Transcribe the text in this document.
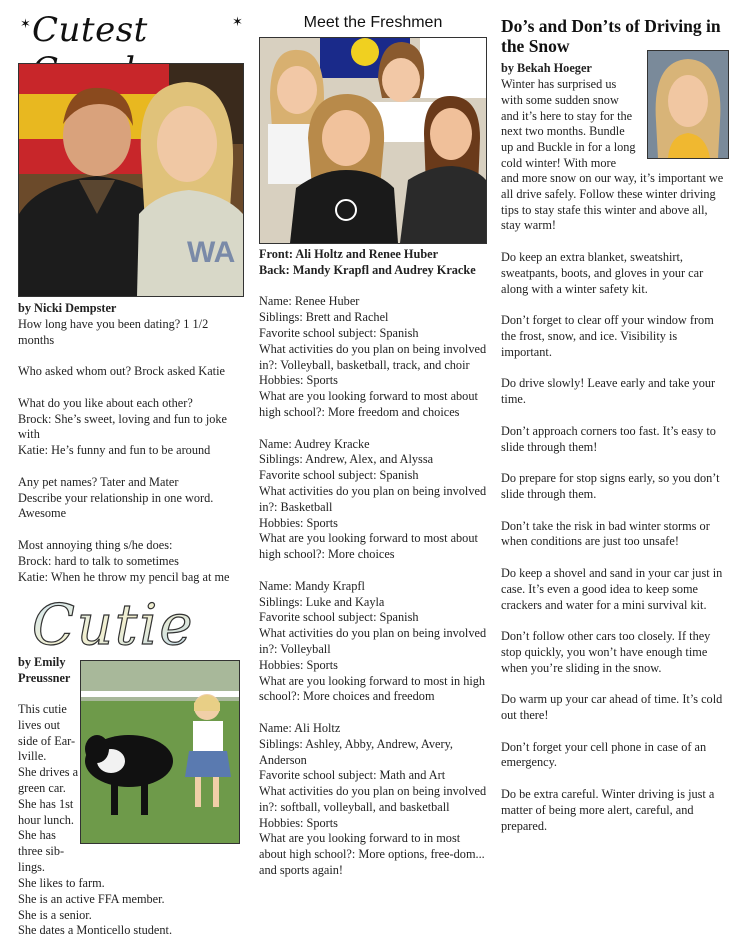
✶ Cutest	✶
WA
by Nicki Dempster

How long have you been dating? 1 1/2 months

Who asked whom out? Brock asked Katie

What do you like about each other?
Brock: She’s sweet, loving and fun to joke with
Katie: He’s funny and fun to be around

Any pet names? Tater and Mater
Describe your relationship in one word. Awesome

Most annoying thing s/he does:
Brock: hard to talk to sometimes
Katie: When he throw my pencil bag at me

Cutie
by Emily Preussner
This cutie
lives out
side of Ear-
lville.
She drives a
green car.
She has 1st
hour lunch.
She has
three sib-
lings.
She likes to farm.
She is an active FFA member.
She is a senior.
She dates a Monticello student.
Meet the Freshmen
Front: Ali Holtz and Renee Huber
Back: Mandy Krapfl and Audrey Kracke

Name: Renee Huber
Siblings: Brett and Rachel
Favorite school subject: Spanish
What activities do you plan on being involved in?: Volleyball, basketball, track, and choir
Hobbies: Sports
What are you looking forward to most about high school?: More freedom and choices

Name: Audrey Kracke
Siblings: Andrew, Alex, and Alyssa
Favorite school subject: Spanish
What activities do you plan on being involved in?: Basketball
Hobbies: Sports
What are you looking forward to most about high school?: More choices

Name: Mandy Krapfl
Siblings: Luke and Kayla
Favorite school subject: Spanish
What activities do you plan on being involved in?: Volleyball
Hobbies: Sports
What are you looking forward to most in high school?: More choices and freedom

Name: Ali Holtz
Siblings: Ashley, Abby, Andrew, Avery, Anderson
Favorite school subject: Math and Art
What activities do you plan on being involved in?: softball, volleyball, and basketball
Hobbies: Sports
What are you looking forward to in most about high school?: More options, free-dom... and sports again!

Do’s and Don’ts of Driving in the Snow
by Bekah Hoeger
Winter has surprised us
with some sudden snow
and it’s here to stay for the
next two months. Bundle
up and Buckle in for a long
cold winter! With more

and more snow on our way, it’s important we all drive safely. Follow these winter driving tips to stay stafe this winter and above all, stay warm!

Do keep an extra blanket, sweatshirt, sweatpants, boots, and gloves in your car along with a winter safety kit.

Don’t forget to clear off your window from the frost, snow, and ice. Visibility is important.

Do drive slowly! Leave early and take your time.

Don’t approach corners too fast. It’s easy to slide through them!

Do prepare for stop signs early, so you don’t slide through them.

Don’t take the risk in bad winter storms or when conditions are just too unsafe!

Do keep a shovel and sand in your car just in case. It’s even a good idea to keep some crackers and water for a mini survival kit.

Don’t follow other cars too closely. If they stop quickly, you won’t have enough time when you’re sliding in the snow.

Do warm up your car ahead of time. It’s cold out there!

Don’t forget your cell phone in case of an emergency.

Do be extra careful. Winter driving is just a matter of being more alert, careful, and prepared.
